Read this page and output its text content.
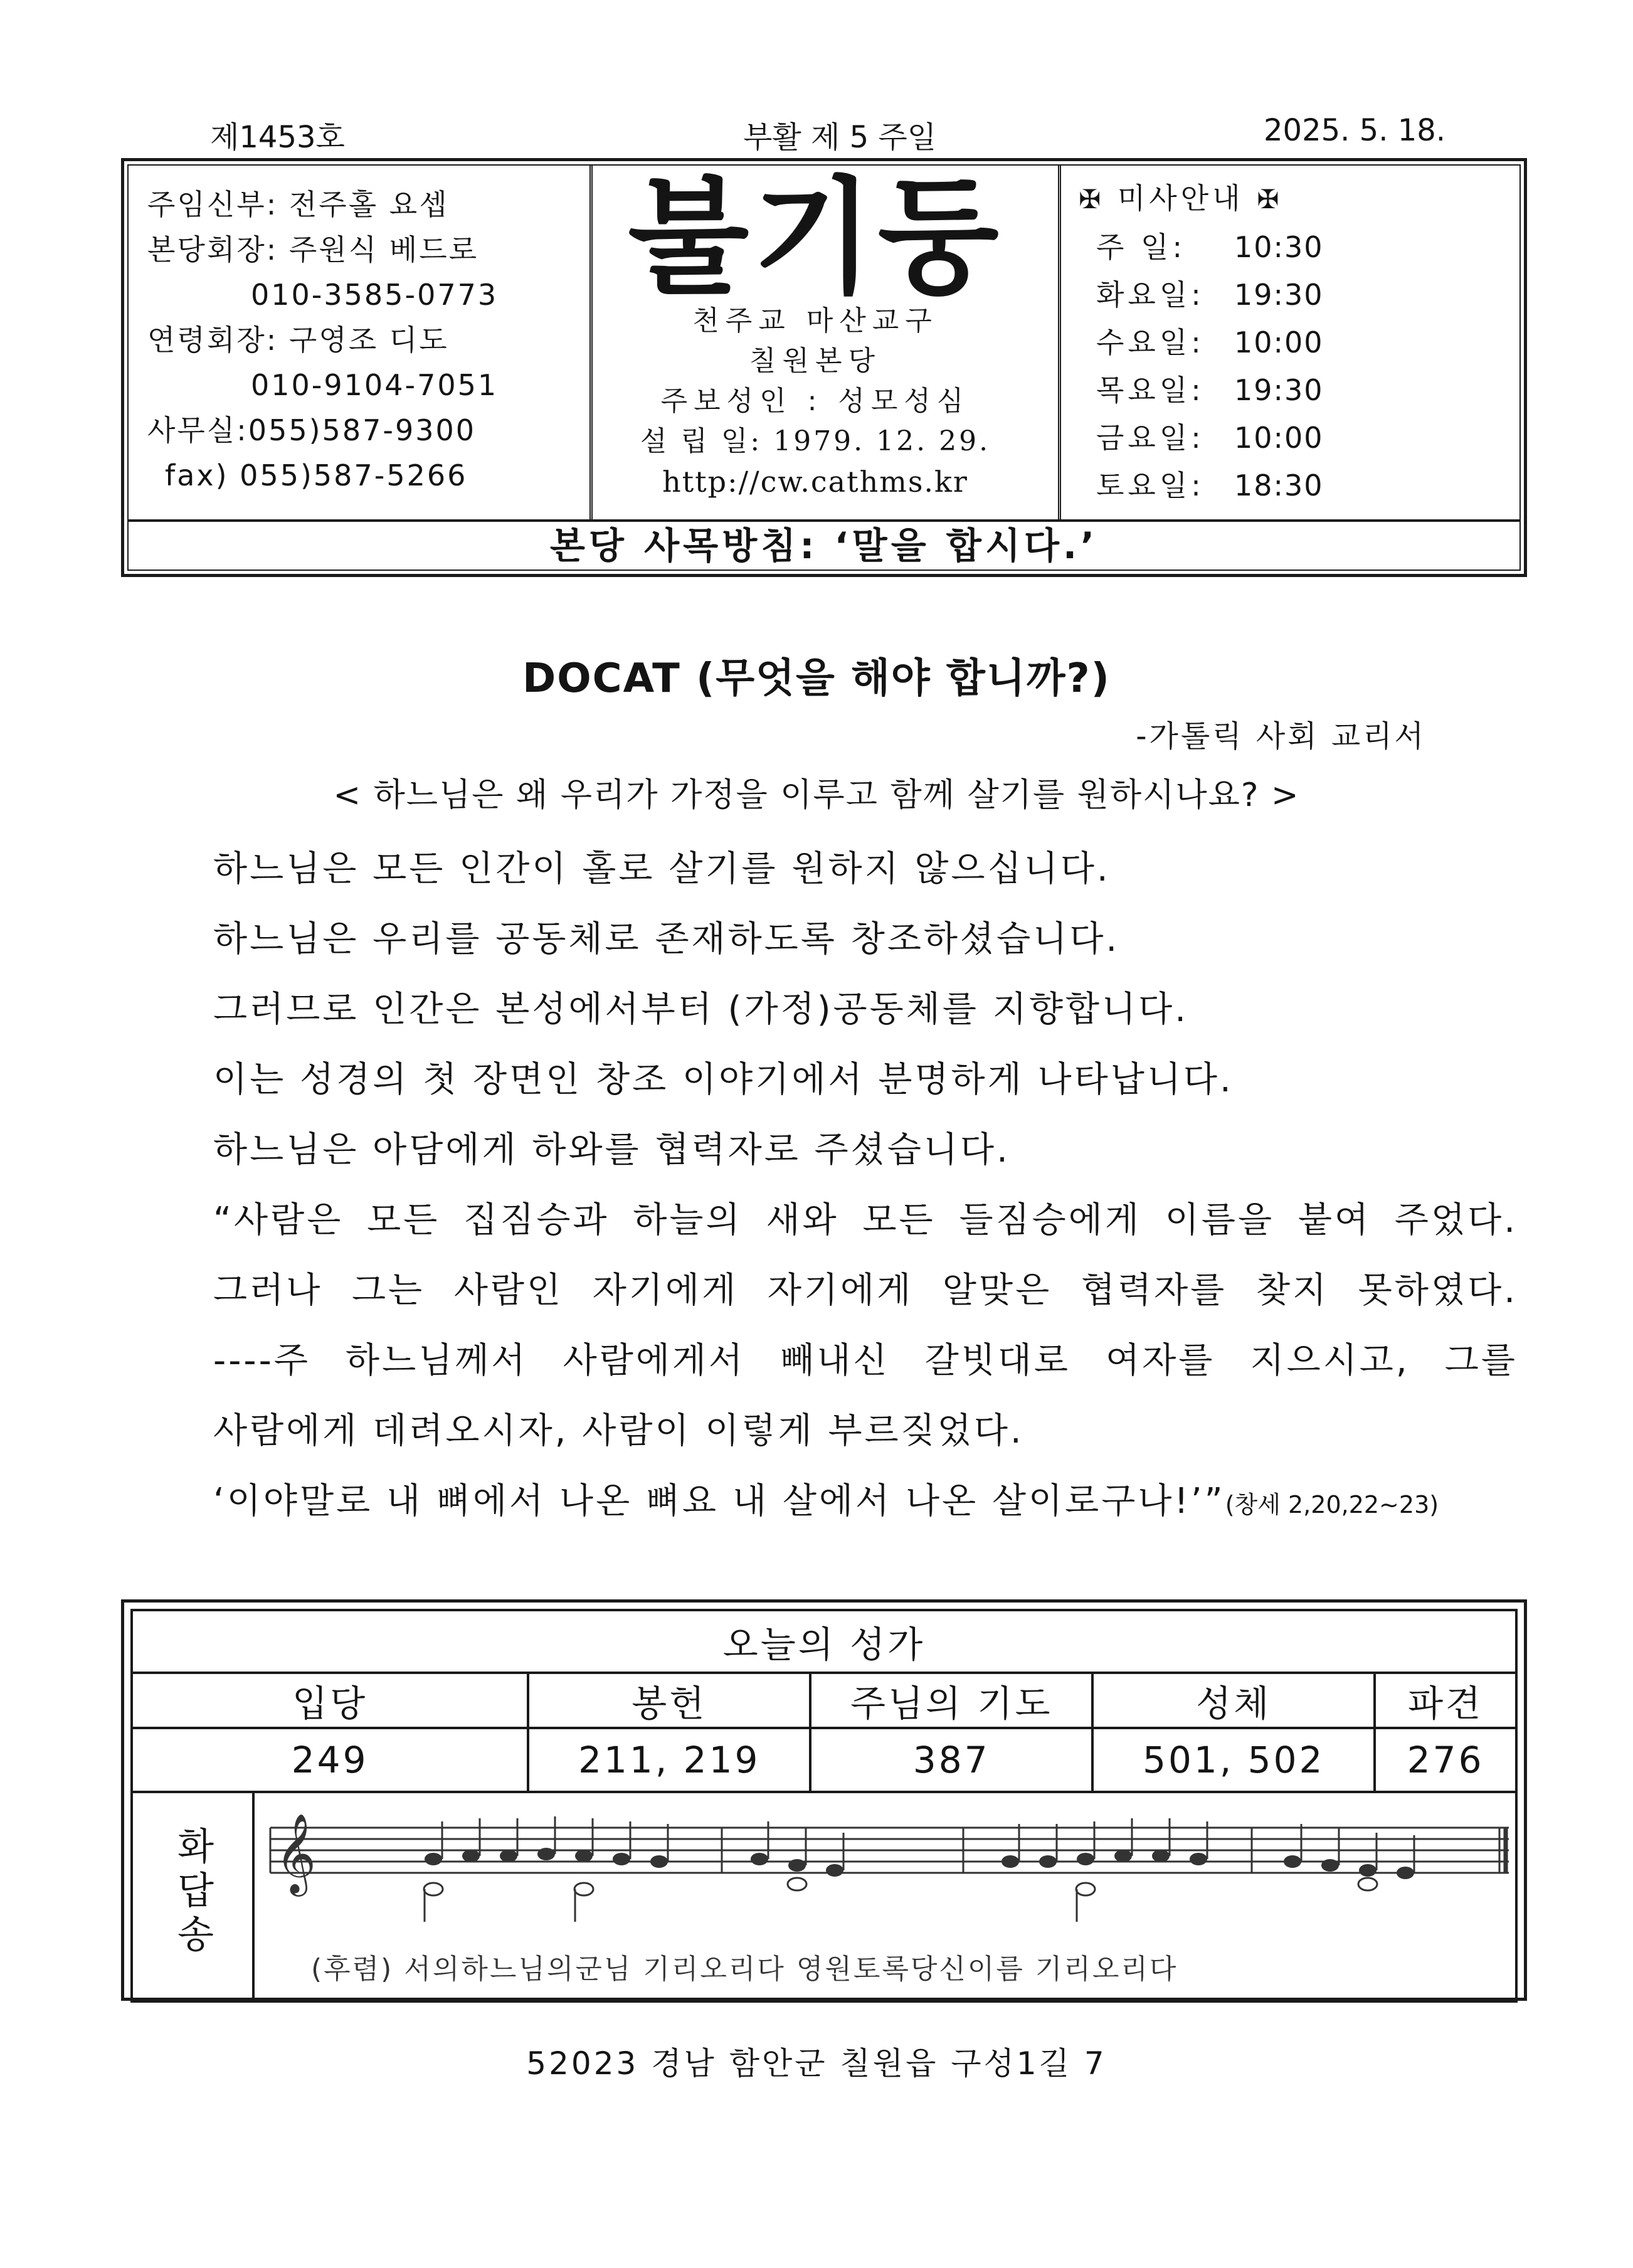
제1453호	부활 제 5 주일	2025. 5. 18.
주임신부: 전주홀 요셉
본당회장: 주원식 베드로
010-3585-0773
연령회장: 구영조 디도
010-9104-7051
사무실:055)587-9300
fax) 055)587-5266
불기둥
천주교 마산교구
칠원본당
주보성인 : 성모성심
설 립 일: 1979. 12. 29.
http://cw.cathms.kr
✠ 미사안내 ✠
주 일:	10:30
화요일:	19:30
수요일:	10:00
목요일:	19:30
금요일:	10:00
토요일:	18:30
본당 사목방침: ‘말을 합시다.’
DOCAT (무엇을 해야 합니까?)
-가톨릭 사회 교리서
< 하느님은 왜 우리가 가정을 이루고 함께 살기를 원하시나요? >
하느님은 모든 인간이 홀로 살기를 원하지 않으십니다.
하느님은 우리를 공동체로 존재하도록 창조하셨습니다.
그러므로 인간은 본성에서부터 (가정)공동체를 지향합니다.
이는 성경의 첫 장면인 창조 이야기에서 분명하게 나타납니다.
하느님은 아담에게 하와를 협력자로 주셨습니다.
“사람은 모든 집짐승과 하늘의 새와 모든 들짐승에게 이름을 붙여 주었다.
그러나 그는 사람인 자기에게 자기에게 알맞은 협력자를 찾지 못하였다.
----주 하느님께서 사람에게서 빼내신 갈빗대로 여자를 지으시고, 그를
사람에게 데려오시자, 사람이 이렇게 부르짖었다.
‘이야말로 내 뼈에서 나온 뼈요 내 살에서 나온 살이로구나!’”(창세 2,20,22~23)
오늘의 성가					
입당		봉헌	주님의 기도	성체	파견
249		211, 219	387	501, 502	276
화답송	𝄞
(후렴) 서의하느님의군님 기리오리다 영원토록당신이름 기리오리다				
52023 경남 함안군 칠원읍 구성1길 7
